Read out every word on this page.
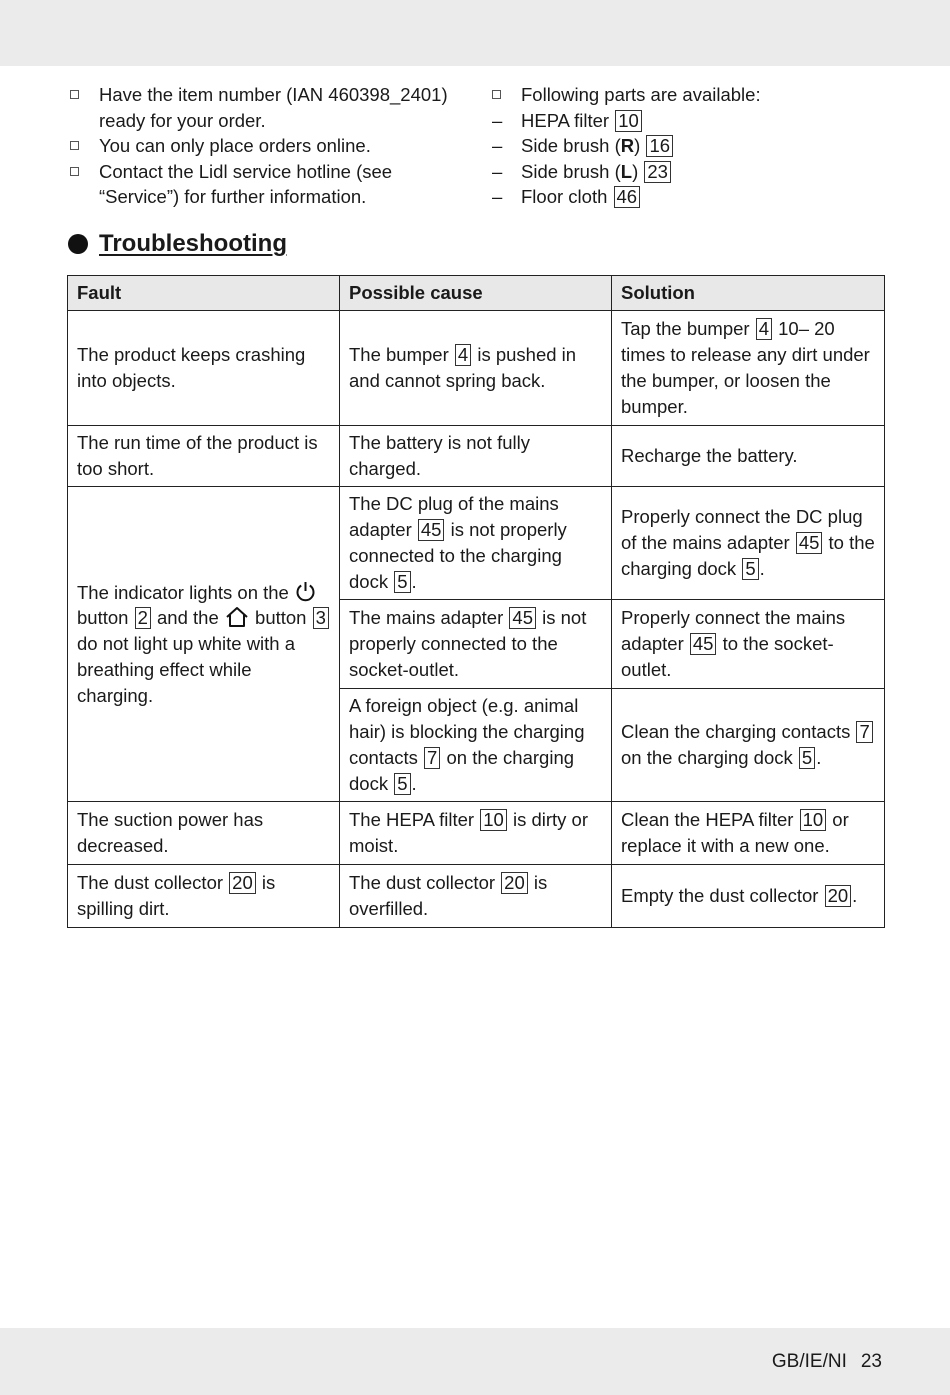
Have the item number (IAN 460398_2401) ready for your order.
You can only place orders online.
Contact the Lidl service hotline (see “Service”) for further information.
Following parts are available:
– HEPA filter 10
– Side brush (R) 16
– Side brush (L) 23
– Floor cloth 46
Troubleshooting
Fault	Possible cause	Solution
The product keeps crashing into objects.	The bumper 4 is pushed in and cannot spring back.	Tap the bumper 4 10– 20 times to release any dirt under the bumper, or loosen the bumper.
The run time of the product is too short.	The battery is not fully charged.	Recharge the battery.
The indicator lights on the  button 2 and the button 3 do not light up white with a breathing effect while charging.	The DC plug of the mains adapter 45 is not properly connected to the charging dock 5 .	Properly connect the DC plug of the mains adapter 45 to the charging dock 5 .
	The mains adapter 45 is not properly connected to the socket-outlet.	Properly connect the mains adapter 45 to the socket-outlet.
	A foreign object (e.g. animal hair) is blocking the charging contacts 7 on the charging dock 5 .	Clean the charging contacts 7 on the charging dock 5 .
The suction power has decreased.	The HEPA filter 10 is dirty or moist.	Clean the HEPA filter 10 or replace it with a new one.
The dust collector 20 is spilling dirt.	The dust collector 20 is overfilled.	Empty the dust collector 20 .
GB/IE/NI 23
